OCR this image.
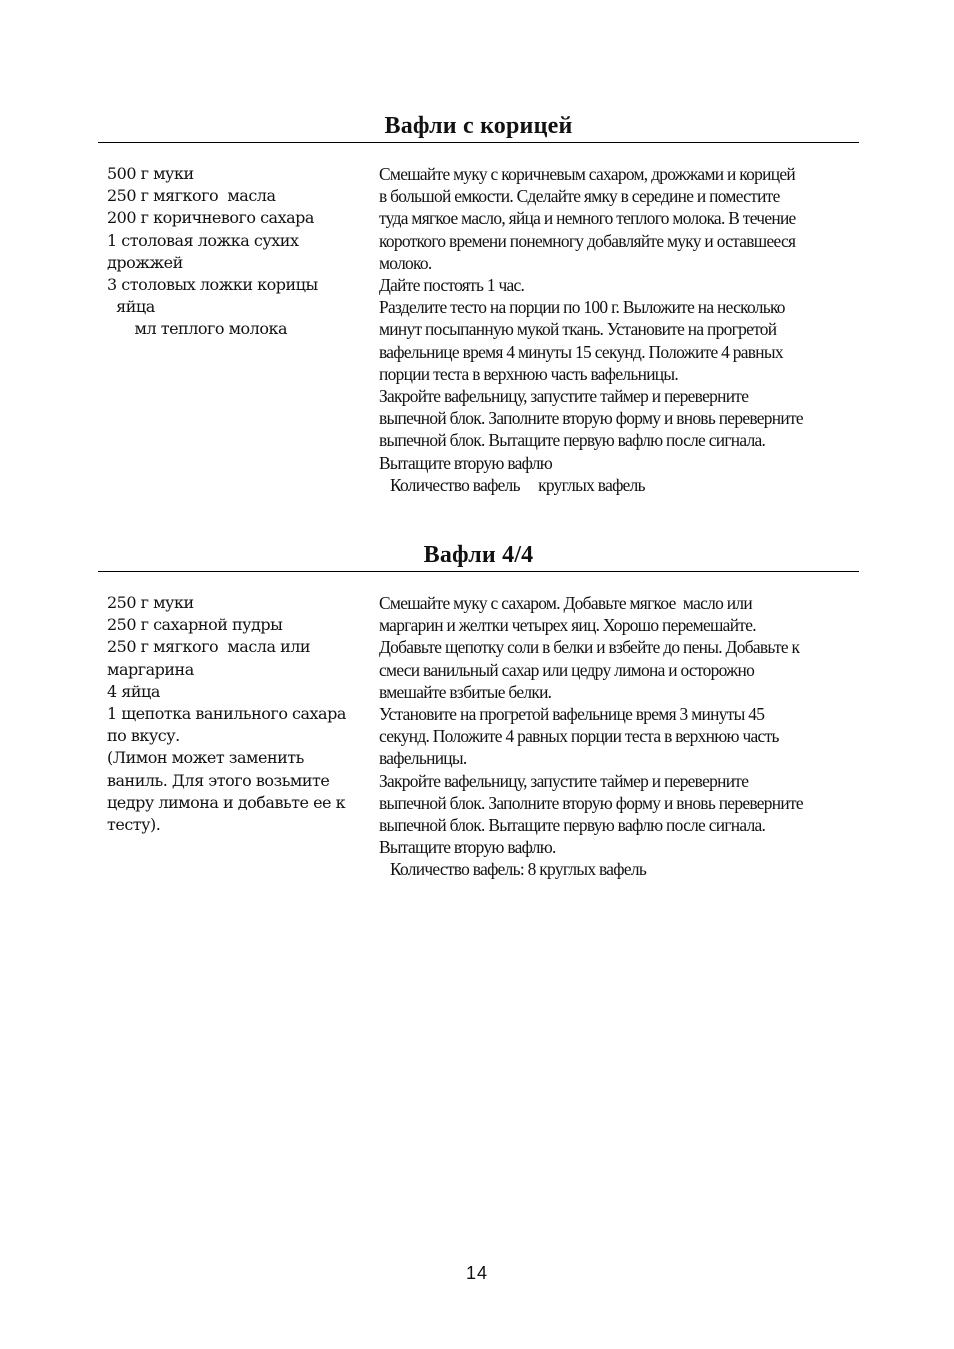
Вафли с корицей
500 г муки
250 г мягкого  масла
200 г коричневого сахара
1 столовая ложка сухих
дрожжей
3 столовых ложки корицы
яйца
мл теплого молока
Смешайте муку с коричневым сахаром, дрожжами и корицей
в большой емкости. Сделайте ямку в середине и поместите
туда мягкое масло, яйца и немного теплого молока. В течение
короткого времени понемногу добавляйте муку и оставшееся
молоко.
Дайте постоять 1 час.
Разделите тесто на порции по 100 г. Выложите на несколько
минут посыпанную мукой ткань. Установите на прогретой
вафельнице время 4 минуты 15 секунд. Положите 4 равных
порции теста в верхнюю часть вафельницы.
Закройте вафельницу, запустите таймер и переверните
выпечной блок. Заполните вторую форму и вновь переверните
выпечной блок. Вытащите первую вафлю после сигнала.
Вытащите вторую вафлю
Количество вафель     круглых вафель
Вафли 4/4
250 г муки
250 г сахарной пудры
250 г мягкого  масла или
маргарина
4 яйца
1 щепотка ванильного сахара
по вкусу.
(Лимон может заменить
ваниль. Для этого возьмите
цедру лимона и добавьте ее к
тесту).
Смешайте муку с сахаром. Добавьте мягкое  масло или
маргарин и желтки четырех яиц. Хорошо перемешайте.
Добавьте щепотку соли в белки и взбейте до пены. Добавьте к
смеси ванильный сахар или цедру лимона и осторожно
вмешайте взбитые белки.
Установите на прогретой вафельнице время 3 минуты 45
секунд. Положите 4 равных порции теста в верхнюю часть
вафельницы.
Закройте вафельницу, запустите таймер и переверните
выпечной блок. Заполните вторую форму и вновь переверните
выпечной блок. Вытащите первую вафлю после сигнала.
Вытащите вторую вафлю.
Количество вафель: 8 круглых вафель
14
